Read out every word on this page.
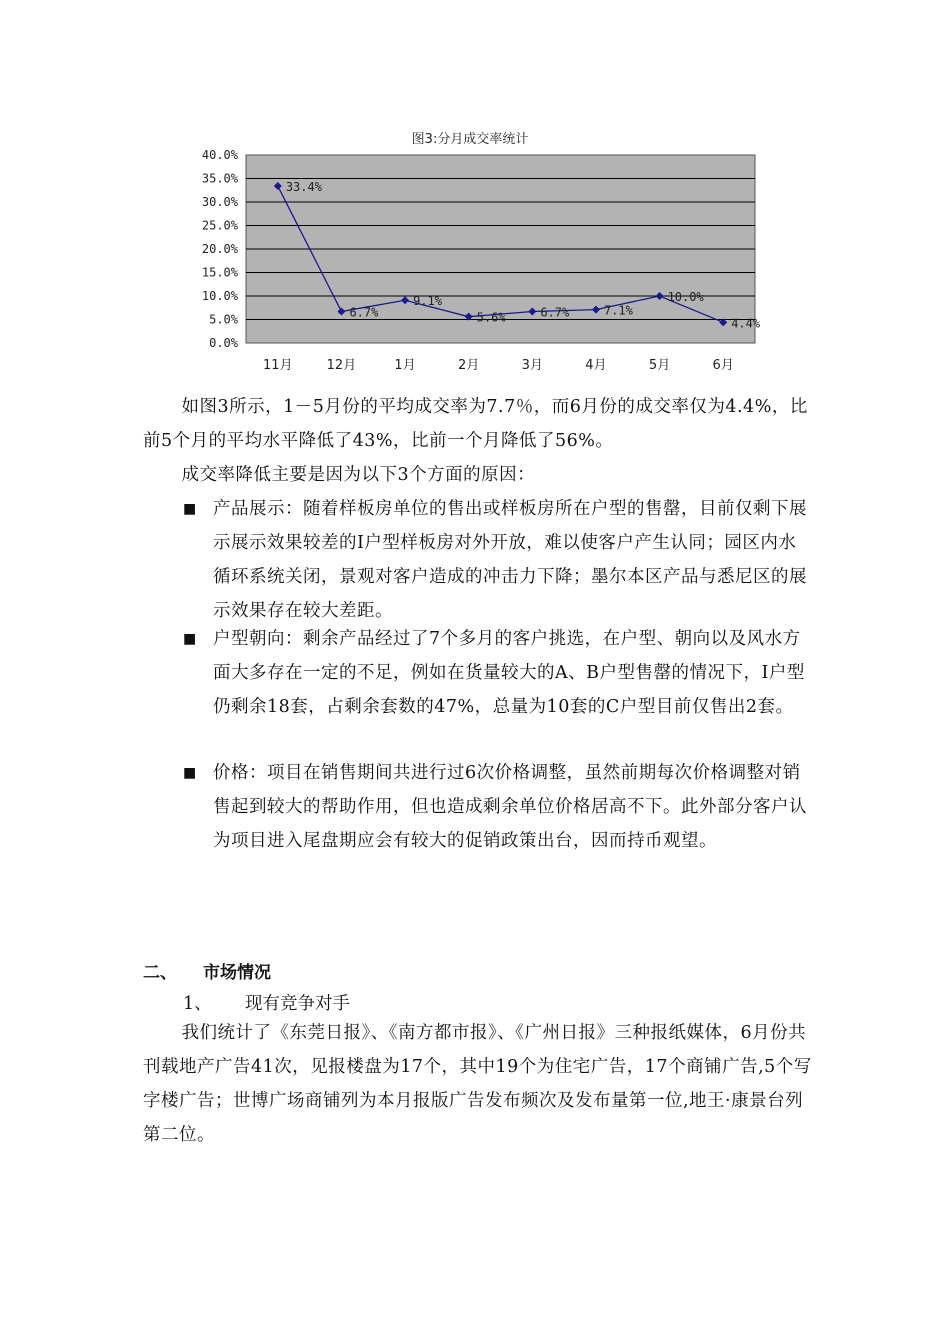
图3:分月成交率统计
0.0%
5.0%
10.0%
15.0%
20.0%
25.0%
30.0%
35.0%
40.0%
11月	12月	1月	2月	3月	4月	5月	6月
33.4%
6.7%
9.1%
5.6%	6.7%	7.1%
10.0%
4.4%
如图3所示，1－5月份的平均成交率为7.7％，而6月份的成交率仅为4.4%，比前5个月的平均水平降低了43%，比前一个月降低了56%。
成交率降低主要是因为以下3个方面的原因：
■ 产品展示：随着样板房单位的售出或样板房所在户型的售罄，目前仅剩下展示展示效果较差的I户型样板房对外开放，难以使客户产生认同；园区内水循环系统关闭，景观对客户造成的冲击力下降；墨尔本区产品与悉尼区的展示效果存在较大差距。
■ 户型朝向：剩余产品经过了7个多月的客户挑选，在户型、朝向以及风水方面大多存在一定的不足，例如在货量较大的A、B户型售罄的情况下，I户型仍剩余18套，占剩余套数的47%，总量为10套的C户型目前仅售出2套。
■ 价格：项目在销售期间共进行过6次价格调整，虽然前期每次价格调整对销售起到较大的帮助作用，但也造成剩余单位价格居高不下。此外部分客户认为项目进入尾盘期应会有较大的促销政策出台，因而持币观望。
二、 市场情况
1、 现有竞争对手
我们统计了《东莞日报》、《南方都市报》、《广州日报》三种报纸媒体，6月份共刊载地产广告41次，见报楼盘为17个，其中19个为住宅广告，17个商铺广告,5个写字楼广告；世博广场商铺列为本月报版广告发布频次及发布量第一位,地王·康景台列第二位。
